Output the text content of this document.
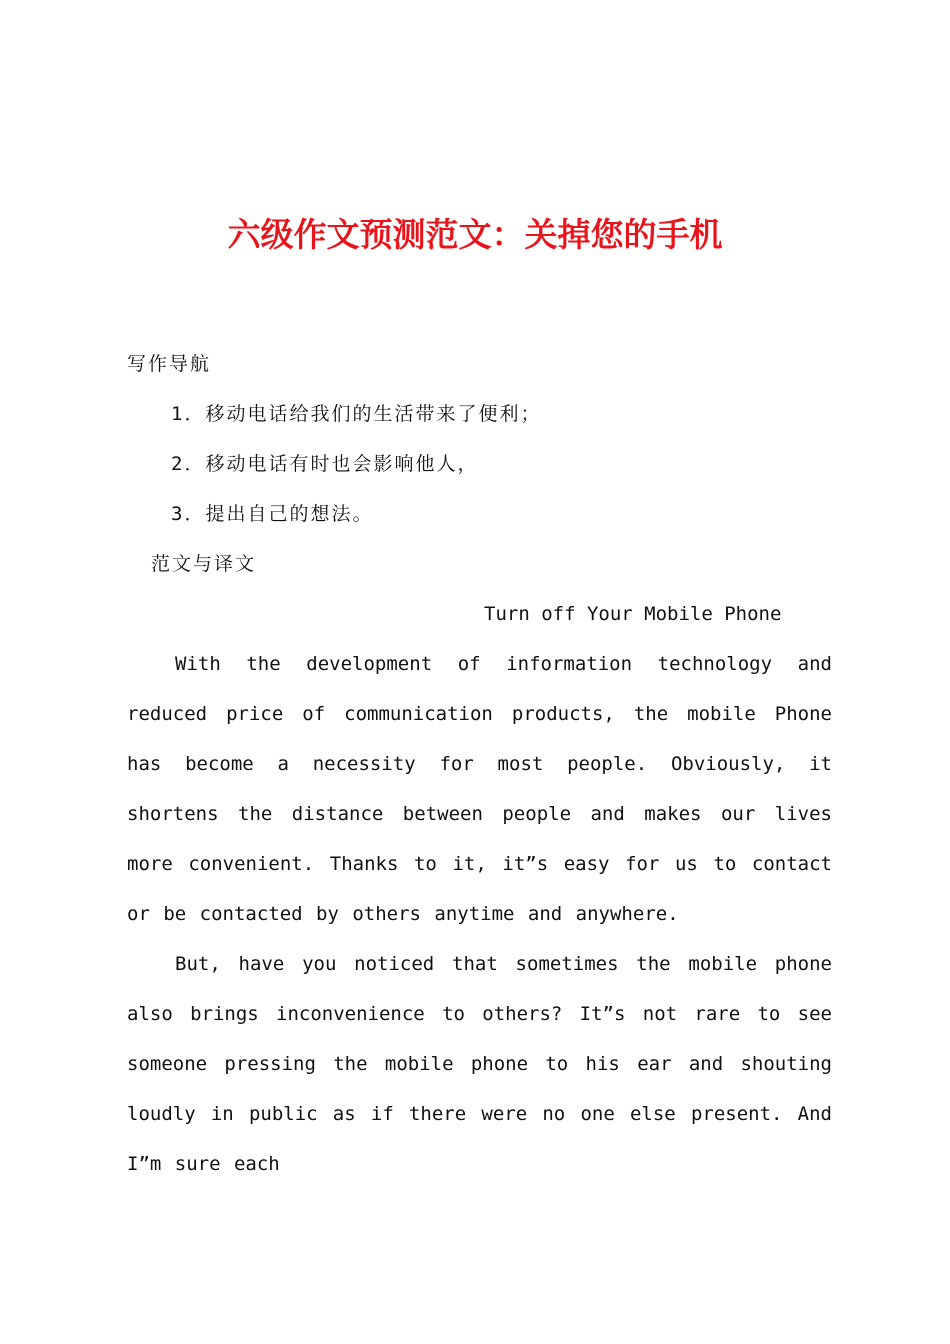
六级作文预测范文：关掉您的手机

写作导航

1．移动电话给我们的生活带来了便利；

2．移动电话有时也会影响他人，

3．提出自己的想法。

范文与译文

Turn off Your Mobile Phone

With the development of information technology and reduced price of communication products, the mobile Phone has become a necessity for most people. Obviously, it shortens the distance between people and makes our lives more convenient. Thanks to it, it”s easy for us to contact or be contacted by others anytime and anywhere.

But, have you noticed that sometimes the mobile phone also brings inconvenience to others? It”s not rare to see someone pressing the mobile phone to his ear and shouting loudly in public as if there were no one else present. And I”m sure each
